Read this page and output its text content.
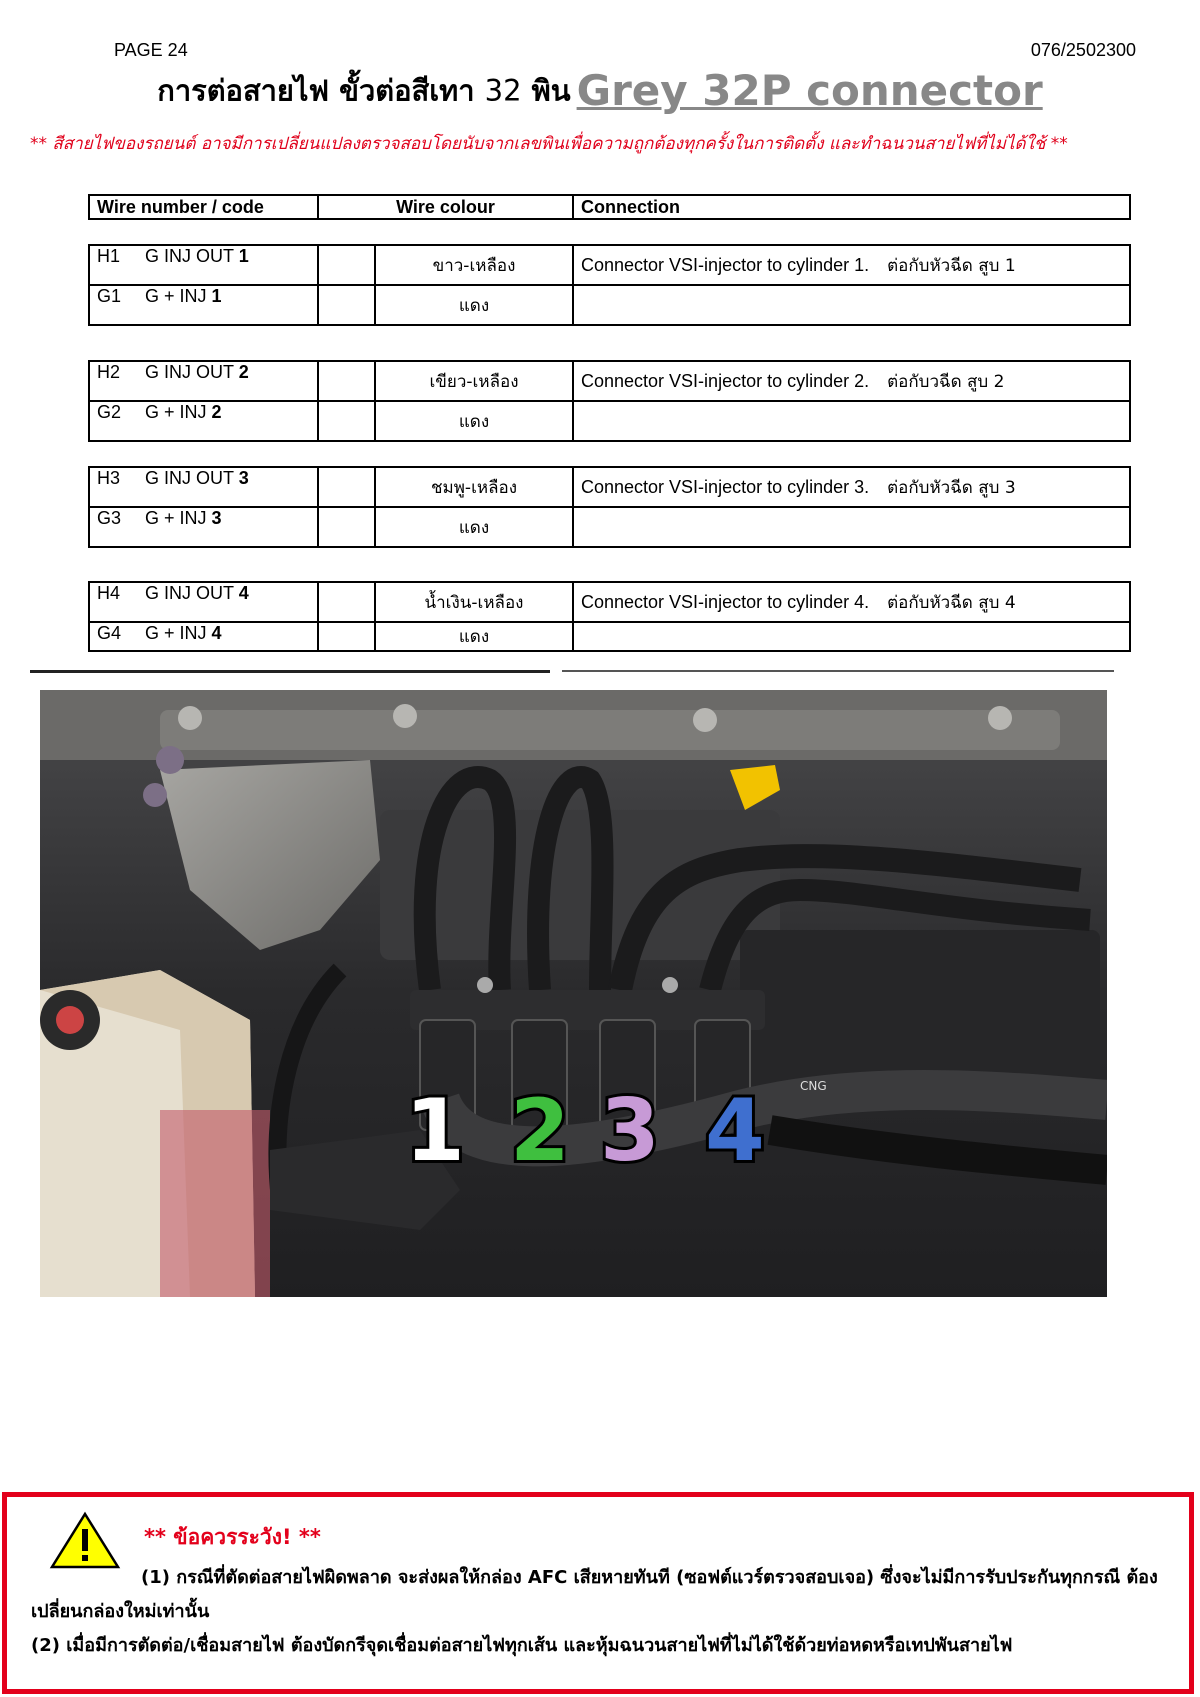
PAGE 24	076/2502300
การต่อสายไฟ ขั้วต่อสีเทา 32 พิน Grey 32P connector
** สีสายไฟของรถยนต์ อาจมีการเปลี่ยนแปลงตรวจสอบโดยนับจากเลขพินเพื่อความถูกต้องทุกครั้งในการติดตั้ง และทำฉนวนสายไฟที่ไม่ได้ใช้ **
Wire number / code	Wire colour	Connection
H1 G INJ OUT 1		ขาว-เหลือง	Connector VSI-injector to cylinder 1. ต่อกับหัวฉีด สูบ 1
G1 G + INJ 1		แดง	
H2 G INJ OUT 2		เขียว-เหลือง	Connector VSI-injector to cylinder 2. ต่อกับวฉีด สูบ 2
G2 G + INJ 2		แดง	
H3 G INJ OUT 3		ชมพู-เหลือง	Connector VSI-injector to cylinder 3. ต่อกับหัวฉีด สูบ 3
G3 G + INJ 3		แดง	
H4 G INJ OUT 4		น้ำเงิน-เหลือง	Connector VSI-injector to cylinder 4. ต่อกับหัวฉีด สูบ 4
G4 G + INJ 4		แดง	
CNG
1 2 3 4
** ข้อควรระวัง! **
(1) กรณีที่ตัดต่อสายไฟผิดพลาด จะส่งผลให้กล่อง AFC เสียหายทันที (ซอฟต์แวร์ตรวจสอบเจอ) ซึ่งจะไม่มีการรับประกันทุกกรณี ต้องเปลี่ยนกล่องใหม่เท่านั้น
(2) เมื่อมีการตัดต่อ/เชื่อมสายไฟ ต้องบัดกรีจุดเชื่อมต่อสายไฟทุกเส้น และหุ้มฉนวนสายไฟที่ไม่ได้ใช้ด้วยท่อหดหรือเทปพันสายไฟ
